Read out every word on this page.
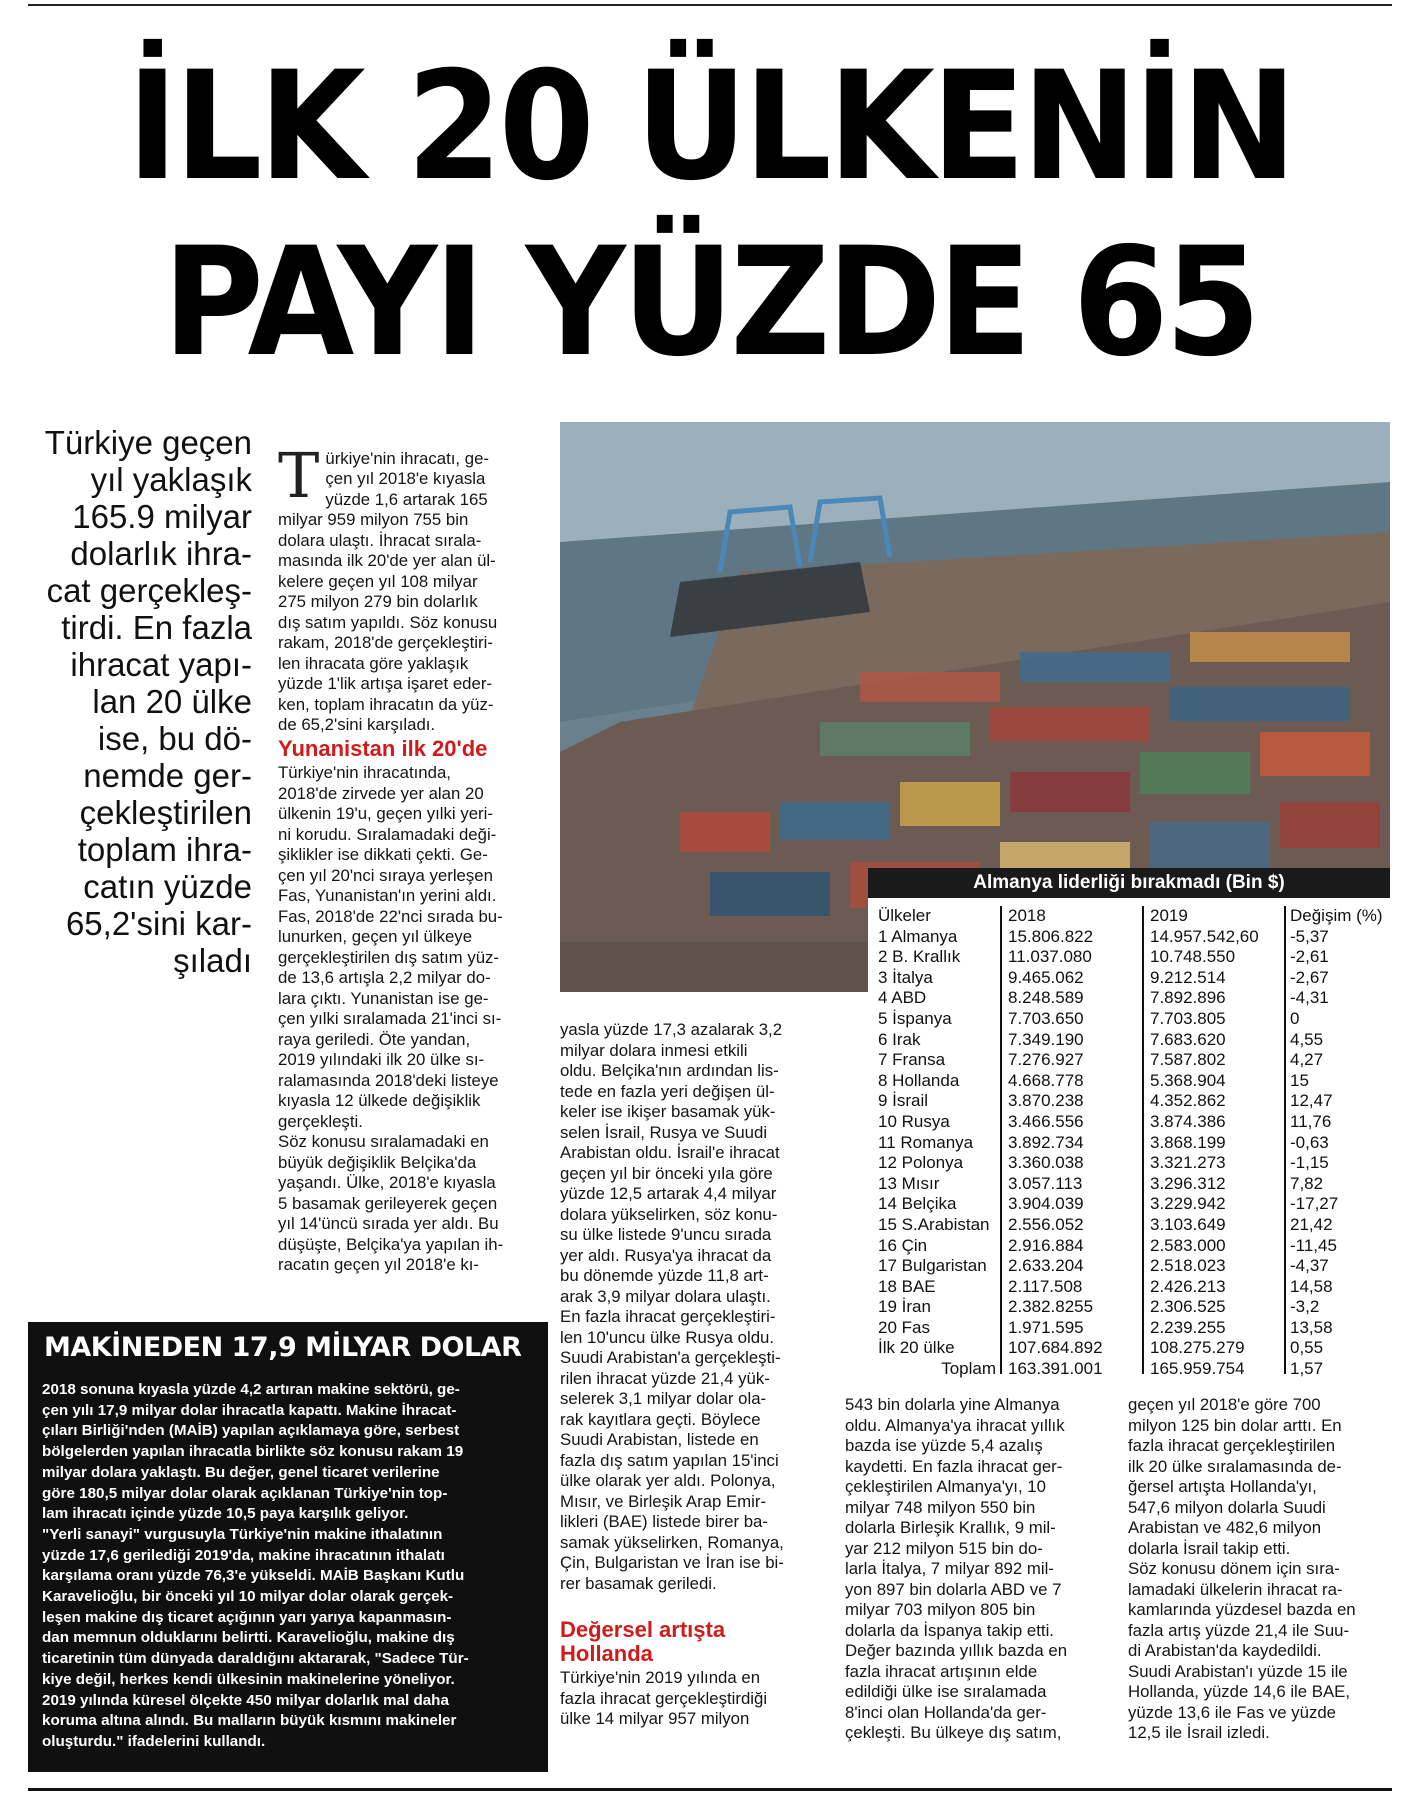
İLK 20 ÜLKENİN
PAYI YÜZDE 65
Türkiye geçen
yıl yaklaşık
165.9 milyar
dolarlık ihra-
cat gerçekleş-
tirdi. En fazla
ihracat yapı-
lan 20 ülke
ise, bu dö-
nemde ger-
çekleştirilen
toplam ihra-
catın yüzde
65,2'sini kar-
şıladı

Türkiye'nin ihracatı, ge-
çen yıl 2018'e kıyasla
yüzde 1,6 artarak 165
milyar 959 milyon 755 bin
dolara ulaştı. İhracat sırala-
masında ilk 20'de yer alan ül-
kelere geçen yıl 108 milyar
275 milyon 279 bin dolarlık
dış satım yapıldı. Söz konusu
rakam, 2018'de gerçekleştiri-
len ihracata göre yaklaşık
yüzde 1'lik artışa işaret eder-
ken, toplam ihracatın da yüz-
de 65,2'sini karşıladı.

Yunanistan ilk 20'de
Türkiye'nin ihracatında,
2018'de zirvede yer alan 20
ülkenin 19'u, geçen yılki yeri-
ni korudu. Sıralamadaki deği-
şiklikler ise dikkati çekti. Ge-
çen yıl 20'nci sıraya yerleşen
Fas, Yunanistan'ın yerini aldı.
Fas, 2018'de 22'nci sırada bu-
lunurken, geçen yıl ülkeye
gerçekleştirilen dış satım yüz-
de 13,6 artışla 2,2 milyar do-
lara çıktı. Yunanistan ise ge-
çen yılki sıralamada 21'inci sı-
raya geriledi. Öte yandan,
2019 yılındaki ilk 20 ülke sı-
ralamasında 2018'deki listeye
kıyasla 12 ülkede değişiklik
gerçekleşti.
Söz konusu sıralamadaki en
büyük değişiklik Belçika'da
yaşandı. Ülke, 2018'e kıyasla
5 basamak gerileyerek geçen
yıl 14'üncü sırada yer aldı. Bu
düşüşte, Belçika'ya yapılan ih-
racatın geçen yıl 2018'e kı-
Almanya liderliği bırakmadı (Bin $)
Ülkeler
1 Almanya
2 B. Krallık
3 İtalya
4 ABD
5 İspanya
6 Irak
7 Fransa
8 Hollanda
9 İsrail
10 Rusya
11 Romanya
12 Polonya
13 Mısır
14 Belçika
15 S.Arabistan
16 Çin
17 Bulgaristan
18 BAE
19 İran
20 Fas
İlk 20 ülke
Toplam
2018
15.806.822
11.037.080
9.465.062
8.248.589
7.703.650
7.349.190
7.276.927
4.668.778
3.870.238
3.466.556
3.892.734
3.360.038
3.057.113
3.904.039
2.556.052
2.916.884
2.633.204
2.117.508
2.382.8255
1.971.595
107.684.892
163.391.001
2019
14.957.542,60
10.748.550
9.212.514
7.892.896
7.703.805
7.683.620
7.587.802
5.368.904
4.352.862
3.874.386
3.868.199
3.321.273
3.296.312
3.229.942
3.103.649
2.583.000
2.518.023
2.426.213
2.306.525
2.239.255
108.275.279
165.959.754
Değişim (%)
-5,37
-2,61
-2,67
-4,31
0
4,55
4,27
15
12,47
11,76
-0,63
-1,15
7,82
-17,27
21,42
-11,45
-4,37
14,58
-3,2
13,58
0,55
1,57
yasla yüzde 17,3 azalarak 3,2
milyar dolara inmesi etkili
oldu. Belçika'nın ardından lis-
tede en fazla yeri değişen ül-
keler ise ikişer basamak yük-
selen İsrail, Rusya ve Suudi
Arabistan oldu. İsrail'e ihracat
geçen yıl bir önceki yıla göre
yüzde 12,5 artarak 4,4 milyar
dolara yükselirken, söz konu-
su ülke listede 9'uncu sırada
yer aldı. Rusya'ya ihracat da
bu dönemde yüzde 11,8 art-
arak 3,9 milyar dolara ulaştı.
En fazla ihracat gerçekleştiri-
len 10'uncu ülke Rusya oldu.
Suudi Arabistan'a gerçekleşti-
rilen ihracat yüzde 21,4 yük-
selerek 3,1 milyar dolar ola-
rak kayıtlara geçti. Böylece
Suudi Arabistan, listede en
fazla dış satım yapılan 15'inci
ülke olarak yer aldı. Polonya,
Mısır, ve Birleşik Arap Emir-
likleri (BAE) listede birer ba-
samak yükselirken, Romanya,
Çin, Bulgaristan ve İran ise bi-
rer basamak geriledi.
Değersel artışta
Hollanda
Türkiye'nin 2019 yılında en
fazla ihracat gerçekleştirdiği
ülke 14 milyar 957 milyon
543 bin dolarla yine Almanya
oldu. Almanya'ya ihracat yıllık
bazda ise yüzde 5,4 azalış
kaydetti. En fazla ihracat ger-
çekleştirilen Almanya'yı, 10
milyar 748 milyon 550 bin
dolarla Birleşik Krallık, 9 mil-
yar 212 milyon 515 bin do-
larla İtalya, 7 milyar 892 mil-
yon 897 bin dolarla ABD ve 7
milyar 703 milyon 805 bin
dolarla da İspanya takip etti.
Değer bazında yıllık bazda en
fazla ihracat artışının elde
edildiği ülke ise sıralamada
8'inci olan Hollanda'da ger-
çekleşti. Bu ülkeye dış satım,
geçen yıl 2018'e göre 700
milyon 125 bin dolar arttı. En
fazla ihracat gerçekleştirilen
ilk 20 ülke sıralamasında de-
ğersel artışta Hollanda'yı,
547,6 milyon dolarla Suudi
Arabistan ve 482,6 milyon
dolarla İsrail takip etti.
Söz konusu dönem için sıra-
lamadaki ülkelerin ihracat ra-
kamlarında yüzdesel bazda en
fazla artış yüzde 21,4 ile Suu-
di Arabistan'da kaydedildi.
Suudi Arabistan'ı yüzde 15 ile
Hollanda, yüzde 14,6 ile BAE,
yüzde 13,6 ile Fas ve yüzde
12,5 ile İsrail izledi.
MAKİNEDEN 17,9 MİLYAR DOLAR
2018 sonuna kıyasla yüzde 4,2 artıran makine sektörü, ge-
çen yılı 17,9 milyar dolar ihracatla kapattı. Makine İhracat-
çıları Birliği'nden (MAİB) yapılan açıklamaya göre, serbest
bölgelerden yapılan ihracatla birlikte söz konusu rakam 19
milyar dolara yaklaştı. Bu değer, genel ticaret verilerine
göre 180,5 milyar dolar olarak açıklanan Türkiye'nin top-
lam ihracatı içinde yüzde 10,5 paya karşılık geliyor.
"Yerli sanayi" vurgusuyla Türkiye'nin makine ithalatının
yüzde 17,6 gerilediği 2019'da, makine ihracatının ithalatı
karşılama oranı yüzde 76,3'e yükseldi. MAİB Başkanı Kutlu
Karavelioğlu, bir önceki yıl 10 milyar dolar olarak gerçek-
leşen makine dış ticaret açığının yarı yarıya kapanmasın-
dan memnun olduklarını belirtti. Karavelioğlu, makine dış
ticaretinin tüm dünyada daraldığını aktararak, "Sadece Tür-
kiye değil, herkes kendi ülkesinin makinelerine yöneliyor.
2019 yılında küresel ölçekte 450 milyar dolarlık mal daha
koruma altına alındı. Bu malların büyük kısmını makineler
oluşturdu." ifadelerini kullandı.
